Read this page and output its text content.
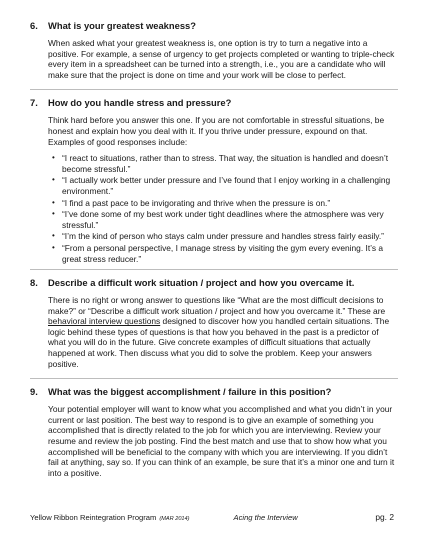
6.	What is your greatest weakness?

When asked what your greatest weakness is, one option is try to turn a negative into a positive. For example, a sense of urgency to get projects completed or wanting to triple-check every item in a spreadsheet can be turned into a strength, i.e., you are a candidate who will make sure that the project is done on time and your work will be close to perfect.

7.	How do you handle stress and pressure?

Think hard before you answer this one. If you are not comfortable in stressful situations, be honest and explain how you deal with it. If you thrive under pressure, expound on that. Examples of good responses include:

• “I react to situations, rather than to stress. That way, the situation is handled and doesn’t become stressful.”
• “I actually work better under pressure and I’ve found that I enjoy working in a challenging environment.”
• “I find a past pace to be invigorating and thrive when the pressure is on.”
• “I’ve done some of my best work under tight deadlines where the atmosphere was very stressful.”
• “I’m the kind of person who stays calm under pressure and handles stress fairly easily.”
• “From a personal perspective, I manage stress by visiting the gym every evening. It’s a great stress reducer.”
8.	Describe a difficult work situation / project and how you overcame it.

There is no right or wrong answer to questions like “What are the most difficult decisions to make?” or “Describe a difficult work situation / project and how you overcame it.” These are behavioral interview questions designed to discover how you handled certain situations. The logic behind these types of questions is that how you behaved in the past is a predictor of what you will do in the future. Give concrete examples of difficult situations that actually happened at work. Then discuss what you did to solve the problem. Keep your answers positive.

9.	What was the biggest accomplishment / failure in this position?

Your potential employer will want to know what you accomplished and what you didn’t in your current or last position. The best way to respond is to give an example of something you accomplished that is directly related to the job for which you are interviewing. Review your resume and review the job posting. Find the best match and use that to show how what you accomplished will be beneficial to the company with which you are interviewing. If you didn’t fail at anything, say so. If you can think of an example, be sure that it’s a minor one and turn it into a positive.

Yellow Ribbon Reintegration Program (MAR 2014)	Acing the Interview	pg. 2
